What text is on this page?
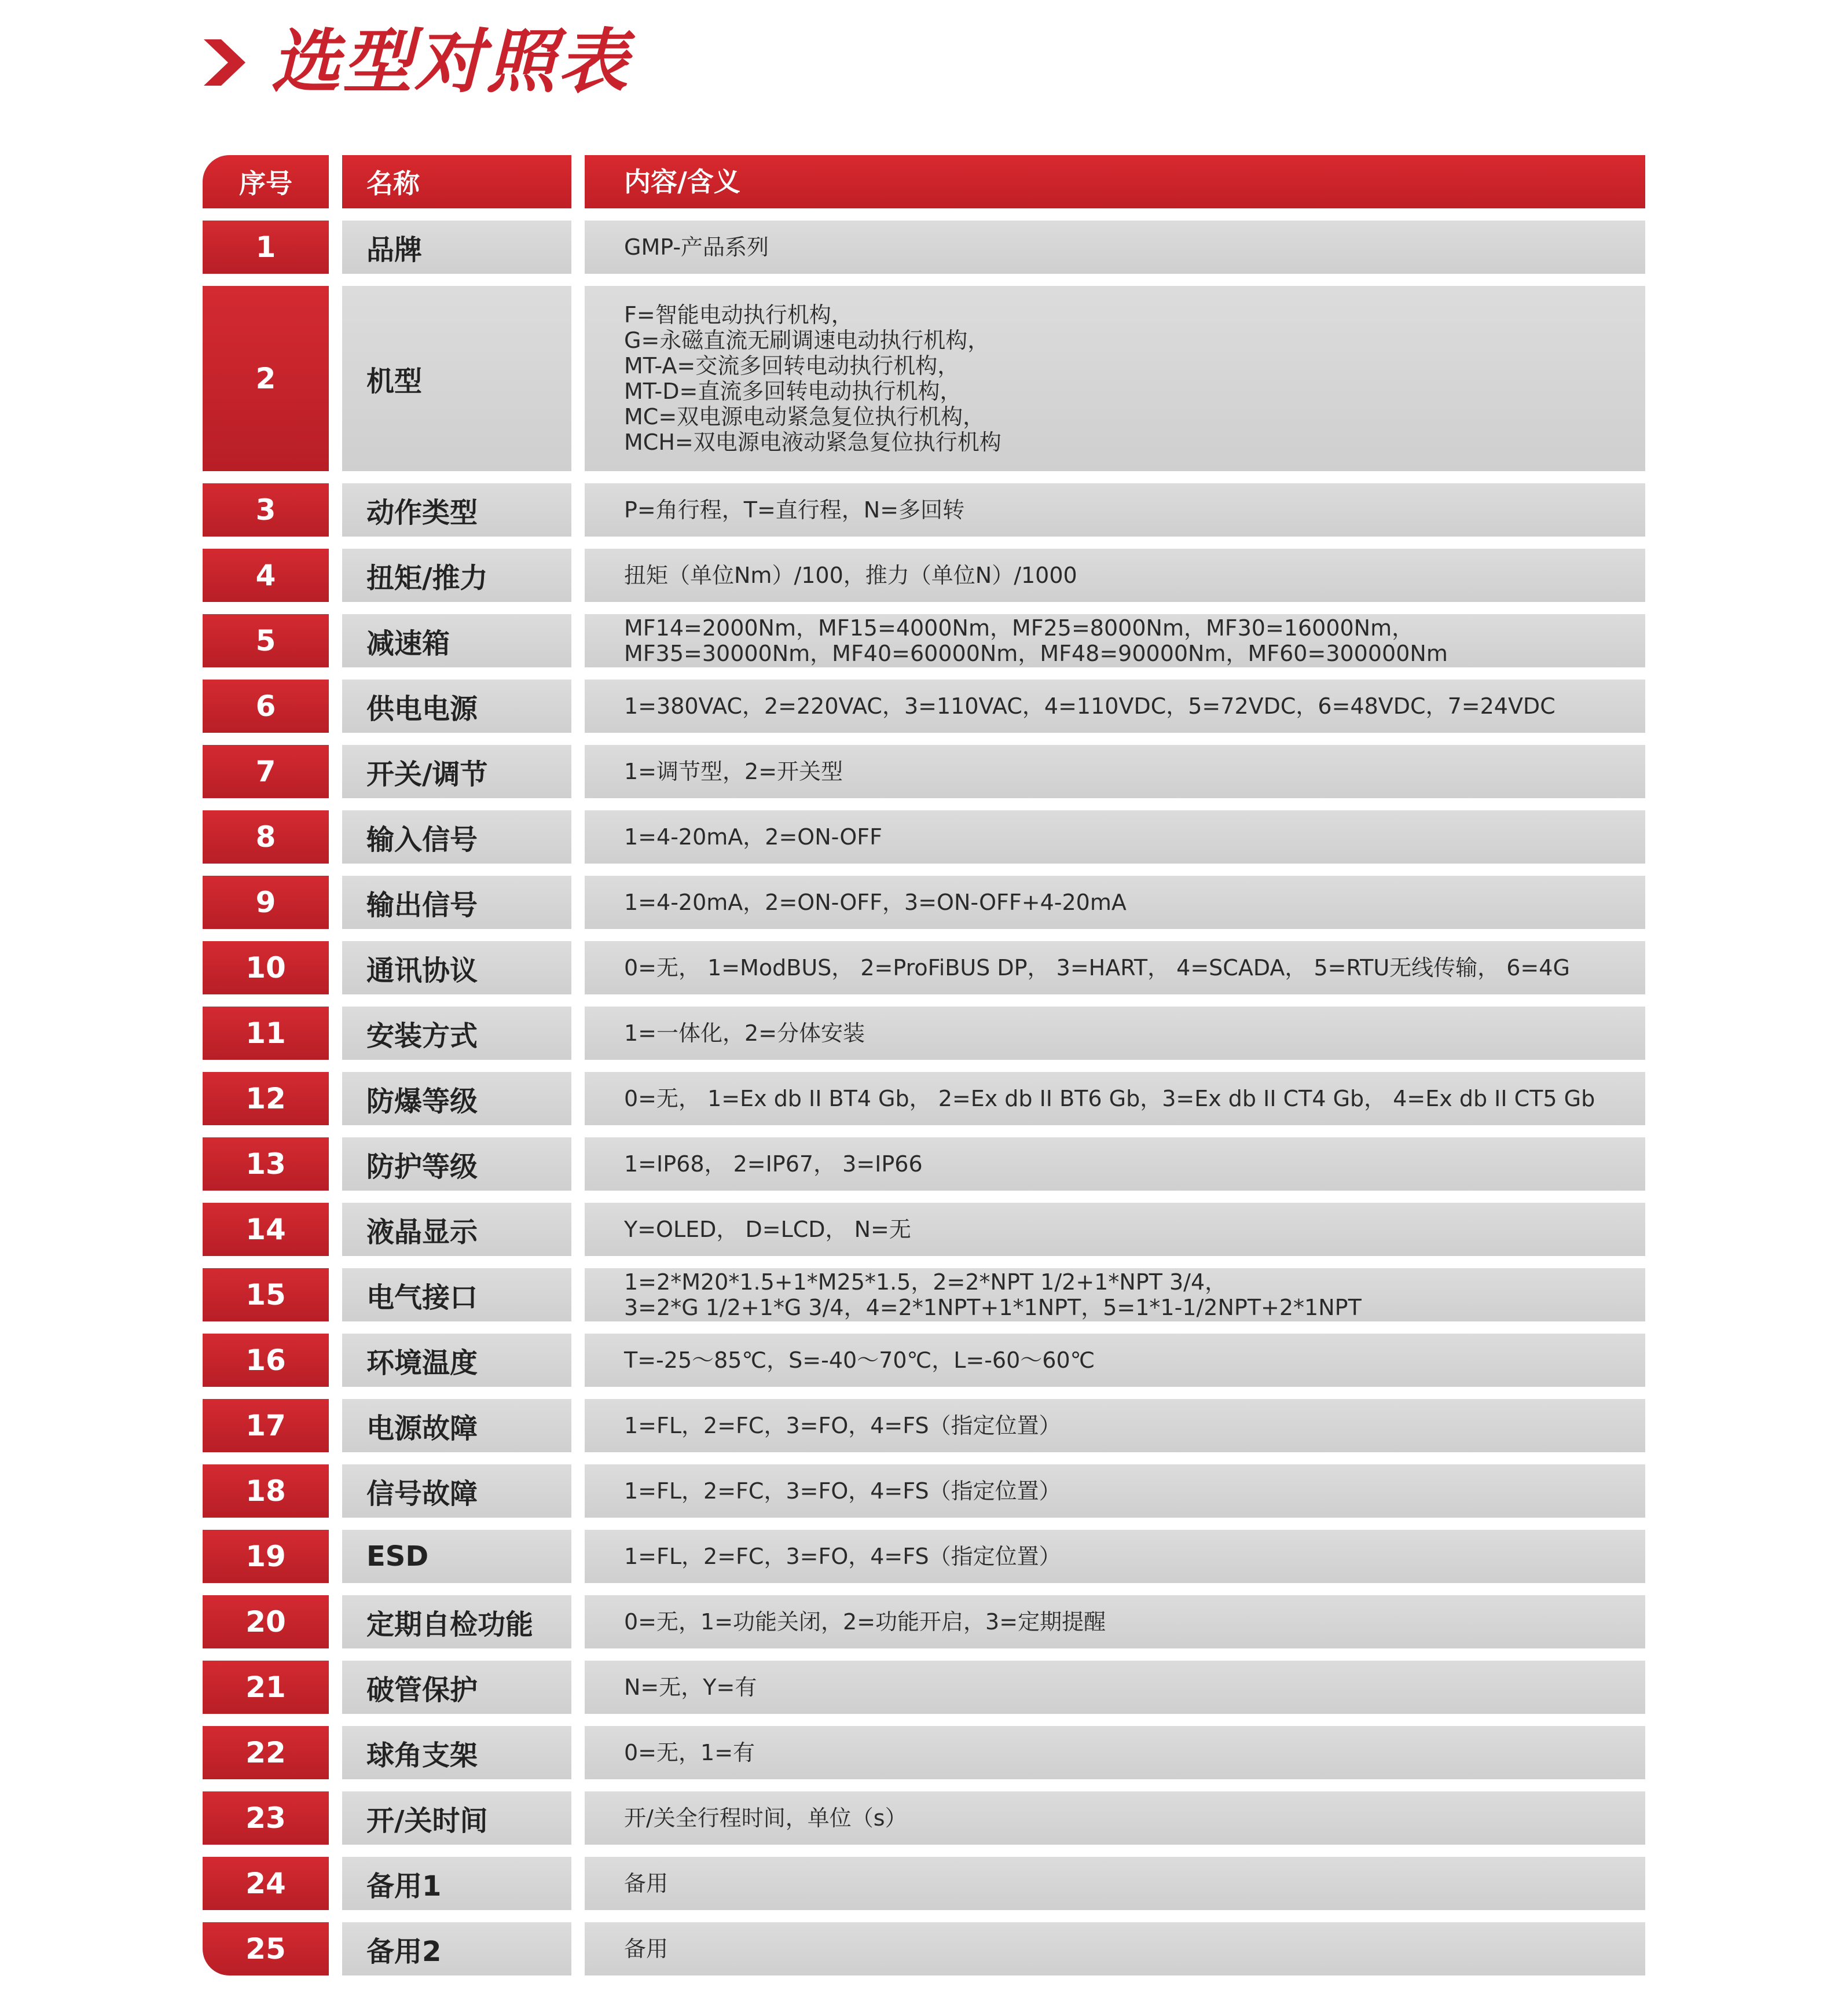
选型对照表
序号	名称	内容/含义
1	品牌	GMP-产品系列
2	机型
F=智能电动执行机构，
G=永磁直流无刷调速电动执行机构，
MT-A=交流多回转电动执行机构，
MT-D=直流多回转电动执行机构，
MC=双电源电动紧急复位执行机构，
MCH=双电源电液动紧急复位执行机构
3	动作类型	P=角行程，T=直行程，N=多回转
4	扭矩/推力	扭矩（单位Nm）/100，推力（单位N）/1000
5	减速箱	MF14=2000Nm，MF15=4000Nm，MF25=8000Nm，MF30=16000Nm，
MF35=30000Nm，MF40=60000Nm，MF48=90000Nm，MF60=300000Nm
6	供电电源	1=380VAC，2=220VAC，3=110VAC，4=110VDC，5=72VDC，6=48VDC，7=24VDC
7	开关/调节	1=调节型，2=开关型
8	输入信号	1=4-20mA，2=ON-OFF
9	输出信号	1=4-20mA，2=ON-OFF，3=ON-OFF+4-20mA
10	通讯协议	0=无， 1=ModBUS， 2=ProFiBUS DP， 3=HART， 4=SCADA， 5=RTU无线传输， 6=4G
11	安装方式	1=一体化，2=分体安装
12	防爆等级	0=无， 1=Ex db II BT4 Gb， 2=Ex db II BT6 Gb，3=Ex db II CT4 Gb， 4=Ex db II CT5 Gb
13	防护等级	1=IP68， 2=IP67， 3=IP66
14	液晶显示	Y=OLED， D=LCD， N=无
15	电气接口	1=2*M20*1.5+1*M25*1.5，2=2*NPT 1/2+1*NPT 3/4，
3=2*G 1/2+1*G 3/4，4=2*1NPT+1*1NPT，5=1*1-1/2NPT+2*1NPT
16	环境温度	T=-25～85℃，S=-40～70℃，L=-60～60℃
17	电源故障	1=FL，2=FC，3=FO，4=FS（指定位置）
18	信号故障	1=FL，2=FC，3=FO，4=FS（指定位置）
19	ESD	1=FL，2=FC，3=FO，4=FS（指定位置）
20	定期自检功能	0=无，1=功能关闭，2=功能开启，3=定期提醒
21	破管保护	N=无，Y=有
22	球角支架	0=无，1=有
23	开/关时间	开/关全行程时间，单位（s）
24	备用1	备用
25	备用2	备用
